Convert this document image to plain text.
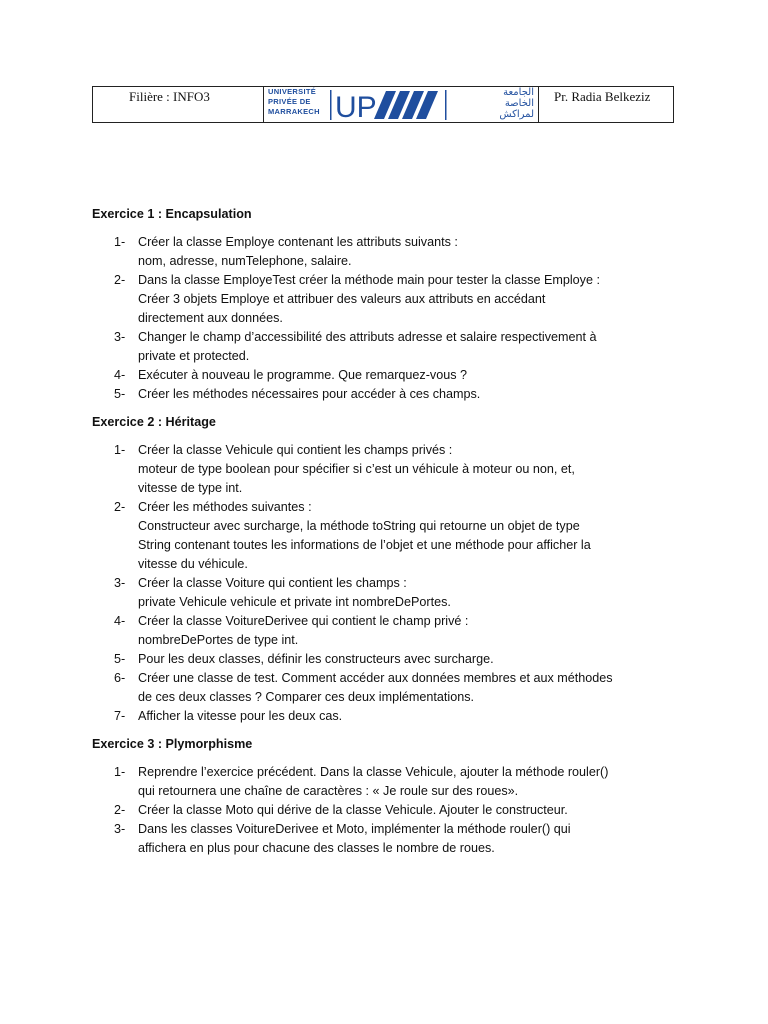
Filière : INFO3	UNIVERSITÉ
PRIVÉE DE
MARRAKECH UP	الجامعة
الخاصة
لمراكش
Pr. Radia Belkeziz
Exercice 1 : Encapsulation
1- Créer la classe Employe contenant les attributs suivants :
nom, adresse, numTelephone, salaire.
2- Dans la classe EmployeTest créer la méthode main pour tester la classe Employe :
Créer 3 objets Employe et attribuer des valeurs aux attributs en accédant
directement aux données.
3- Changer le champ d’accessibilité des attributs adresse et salaire respectivement à
private et protected.
4- Exécuter à nouveau le programme. Que remarquez-vous ?
5- Créer les méthodes nécessaires pour accéder à ces champs.
Exercice 2 : Héritage
1- Créer la classe Vehicule qui contient les champs privés :
moteur de type boolean pour spécifier si c’est un véhicule à moteur ou non, et,
vitesse de type int.
2- Créer les méthodes suivantes :
Constructeur avec surcharge, la méthode toString qui retourne un objet de type
String contenant toutes les informations de l’objet et une méthode pour afficher la
vitesse du véhicule.
3- Créer la classe Voiture qui contient les champs :
private Vehicule vehicule et private int nombreDePortes.
4- Créer la classe VoitureDerivee qui contient le champ privé :
nombreDePortes de type int.
5- Pour les deux classes, définir les constructeurs avec surcharge.
6- Créer une classe de test. Comment accéder aux données membres et aux méthodes
de ces deux classes ? Comparer ces deux implémentations.
7- Afficher la vitesse pour les deux cas.
Exercice 3 : Plymorphisme
1- Reprendre l’exercice précédent. Dans la classe Vehicule, ajouter la méthode rouler()
qui retournera une chaîne de caractères : « Je roule sur des roues».
2- Créer la classe Moto qui dérive de la classe Vehicule. Ajouter le constructeur.
3- Dans les classes VoitureDerivee et Moto, implémenter la méthode rouler() qui
affichera en plus pour chacune des classes le nombre de roues.
